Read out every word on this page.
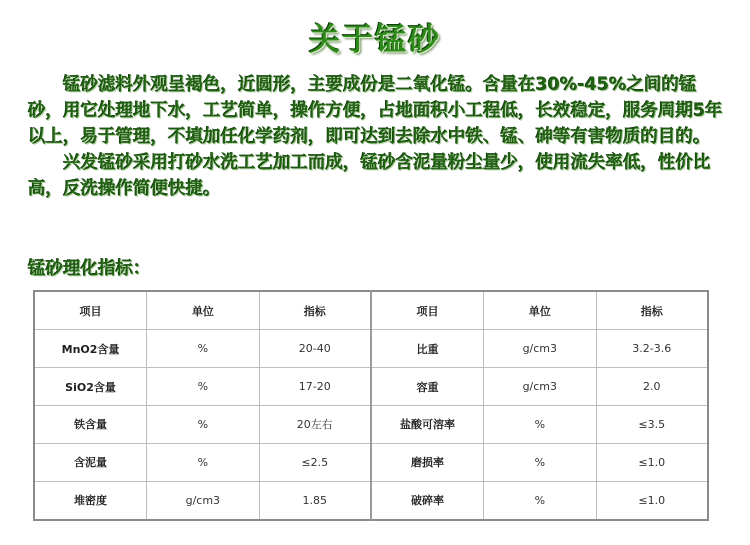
关于锰砂

锰砂滤料外观呈褐色，近圆形，主要成份是二氧化锰。含量在30%-45%之间的锰砂，用它处理地下水，工艺简单，操作方便，占地面积小工程低，长效稳定，服务周期5年以上，易于管理，不填加任化学药剂，即可达到去除水中铁、锰、砷等有害物质的目的。

兴发锰砂采用打砂水洗工艺加工而成，锰砂含泥量粉尘量少，使用流失率低，性价比高，反洗操作简便快捷。

锰砂理化指标：
项目	单位	指标	项目	单位	指标
MnO2含量	%	20-40	比重	g/cm3	3.2-3.6
SiO2含量	%	17-20	容重	g/cm3	2.0
铁含量	%	20左右	盐酸可溶率	%	≤3.5
含泥量	%	≤2.5	磨损率	%	≤1.0
堆密度	g/cm3	1.85	破碎率	%	≤1.0
